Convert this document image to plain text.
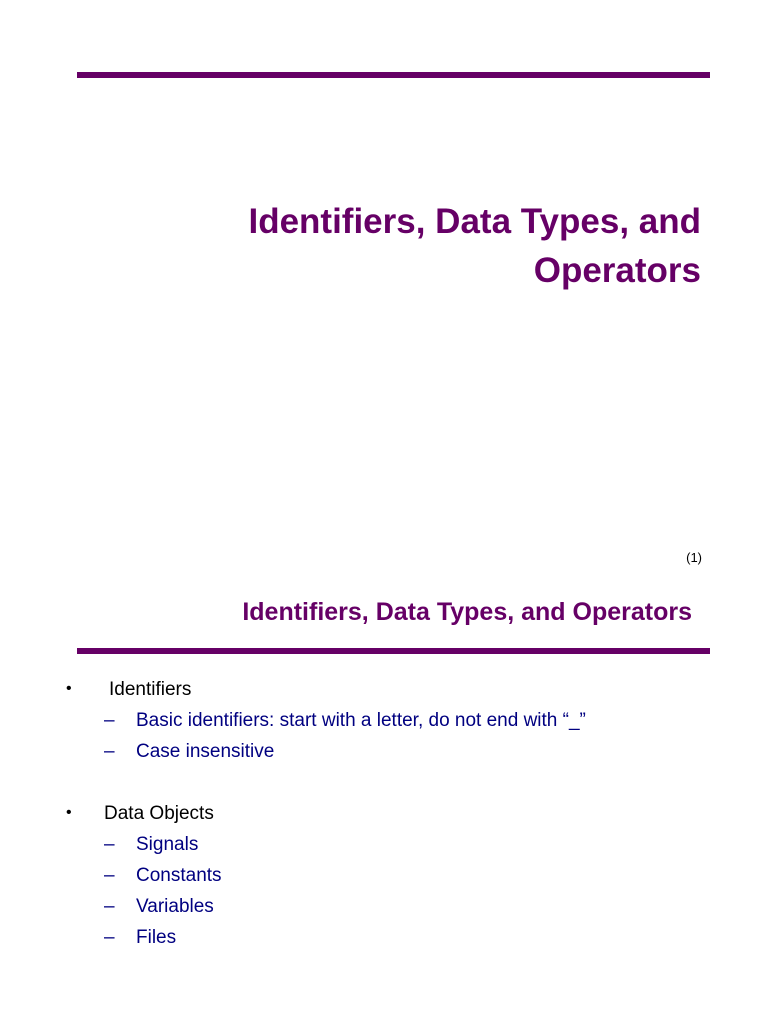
Identifiers, Data Types, and
Operators
(1)
Identifiers, Data Types, and Operators
• Identifiers
– Basic identifiers: start with a letter, do not end with “_”
– Case insensitive
• Data Objects
– Signals
– Constants
– Variables
– Files
